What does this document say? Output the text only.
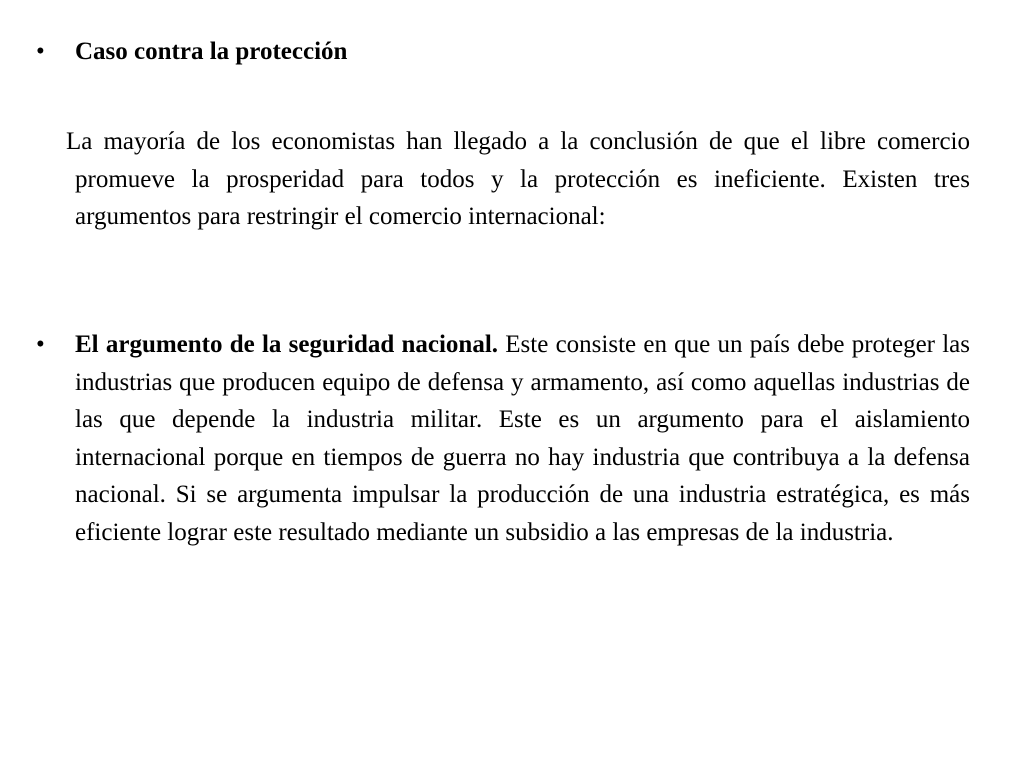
•	Caso contra la protección
La mayoría de los economistas han llegado a la conclusión de que el libre comercio promueve la prosperidad para todos y la protección es ineficiente. Existen tres argumentos para restringir el comercio internacional:
•	El argumento de la seguridad nacional. Este consiste en que un país debe proteger las industrias que producen equipo de defensa y armamento, así como aquellas industrias de las que depende la industria militar. Este es un argumento para el aislamiento internacional porque en tiempos de guerra no hay industria que contribuya a la defensa nacional. Si se argumenta impulsar la producción de una industria estratégica, es más eficiente lograr este resultado mediante un subsidio a las empresas de la industria.
